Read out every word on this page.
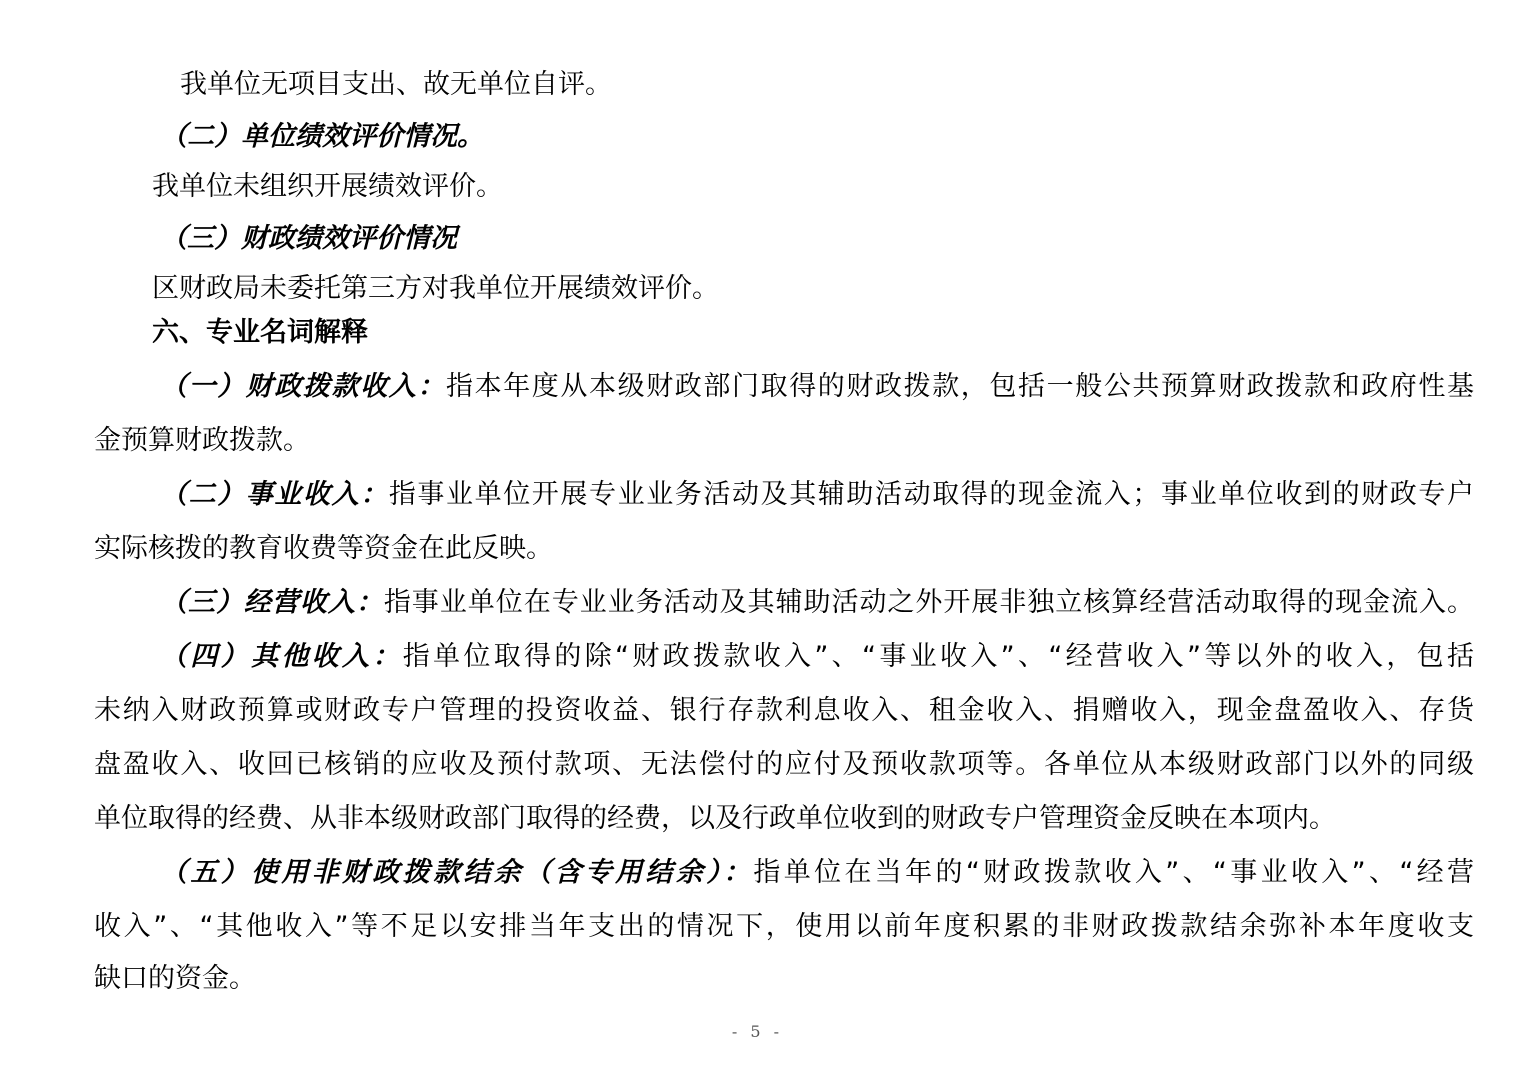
我单位无项目支出、故无单位自评。
（二）单位绩效评价情况。
我单位未组织开展绩效评价。
（三）财政绩效评价情况
区财政局未委托第三方对我单位开展绩效评价。
六、专业名词解释
（一）财政拨款收入：指本年度从本级财政部门取得的财政拨款，包括一般公共预算财政拨款和政府性基
金预算财政拨款。
（二）事业收入：指事业单位开展专业业务活动及其辅助活动取得的现金流入；事业单位收到的财政专户
实际核拨的教育收费等资金在此反映。
（三）经营收入：指事业单位在专业业务活动及其辅助活动之外开展非独立核算经营活动取得的现金流入。
（四）其他收入：指单位取得的除“财政拨款收入”、“事业收入”、“经营收入”等以外的收入，包括
未纳入财政预算或财政专户管理的投资收益、银行存款利息收入、租金收入、捐赠收入，现金盘盈收入、存货
盘盈收入、收回已核销的应收及预付款项、无法偿付的应付及预收款项等。各单位从本级财政部门以外的同级
单位取得的经费、从非本级财政部门取得的经费，以及行政单位收到的财政专户管理资金反映在本项内。
（五）使用非财政拨款结余（含专用结余）：指单位在当年的“财政拨款收入”、“事业收入”、“经营
收入”、“其他收入”等不足以安排当年支出的情况下，使用以前年度积累的非财政拨款结余弥补本年度收支
缺口的资金。
- 5 -
